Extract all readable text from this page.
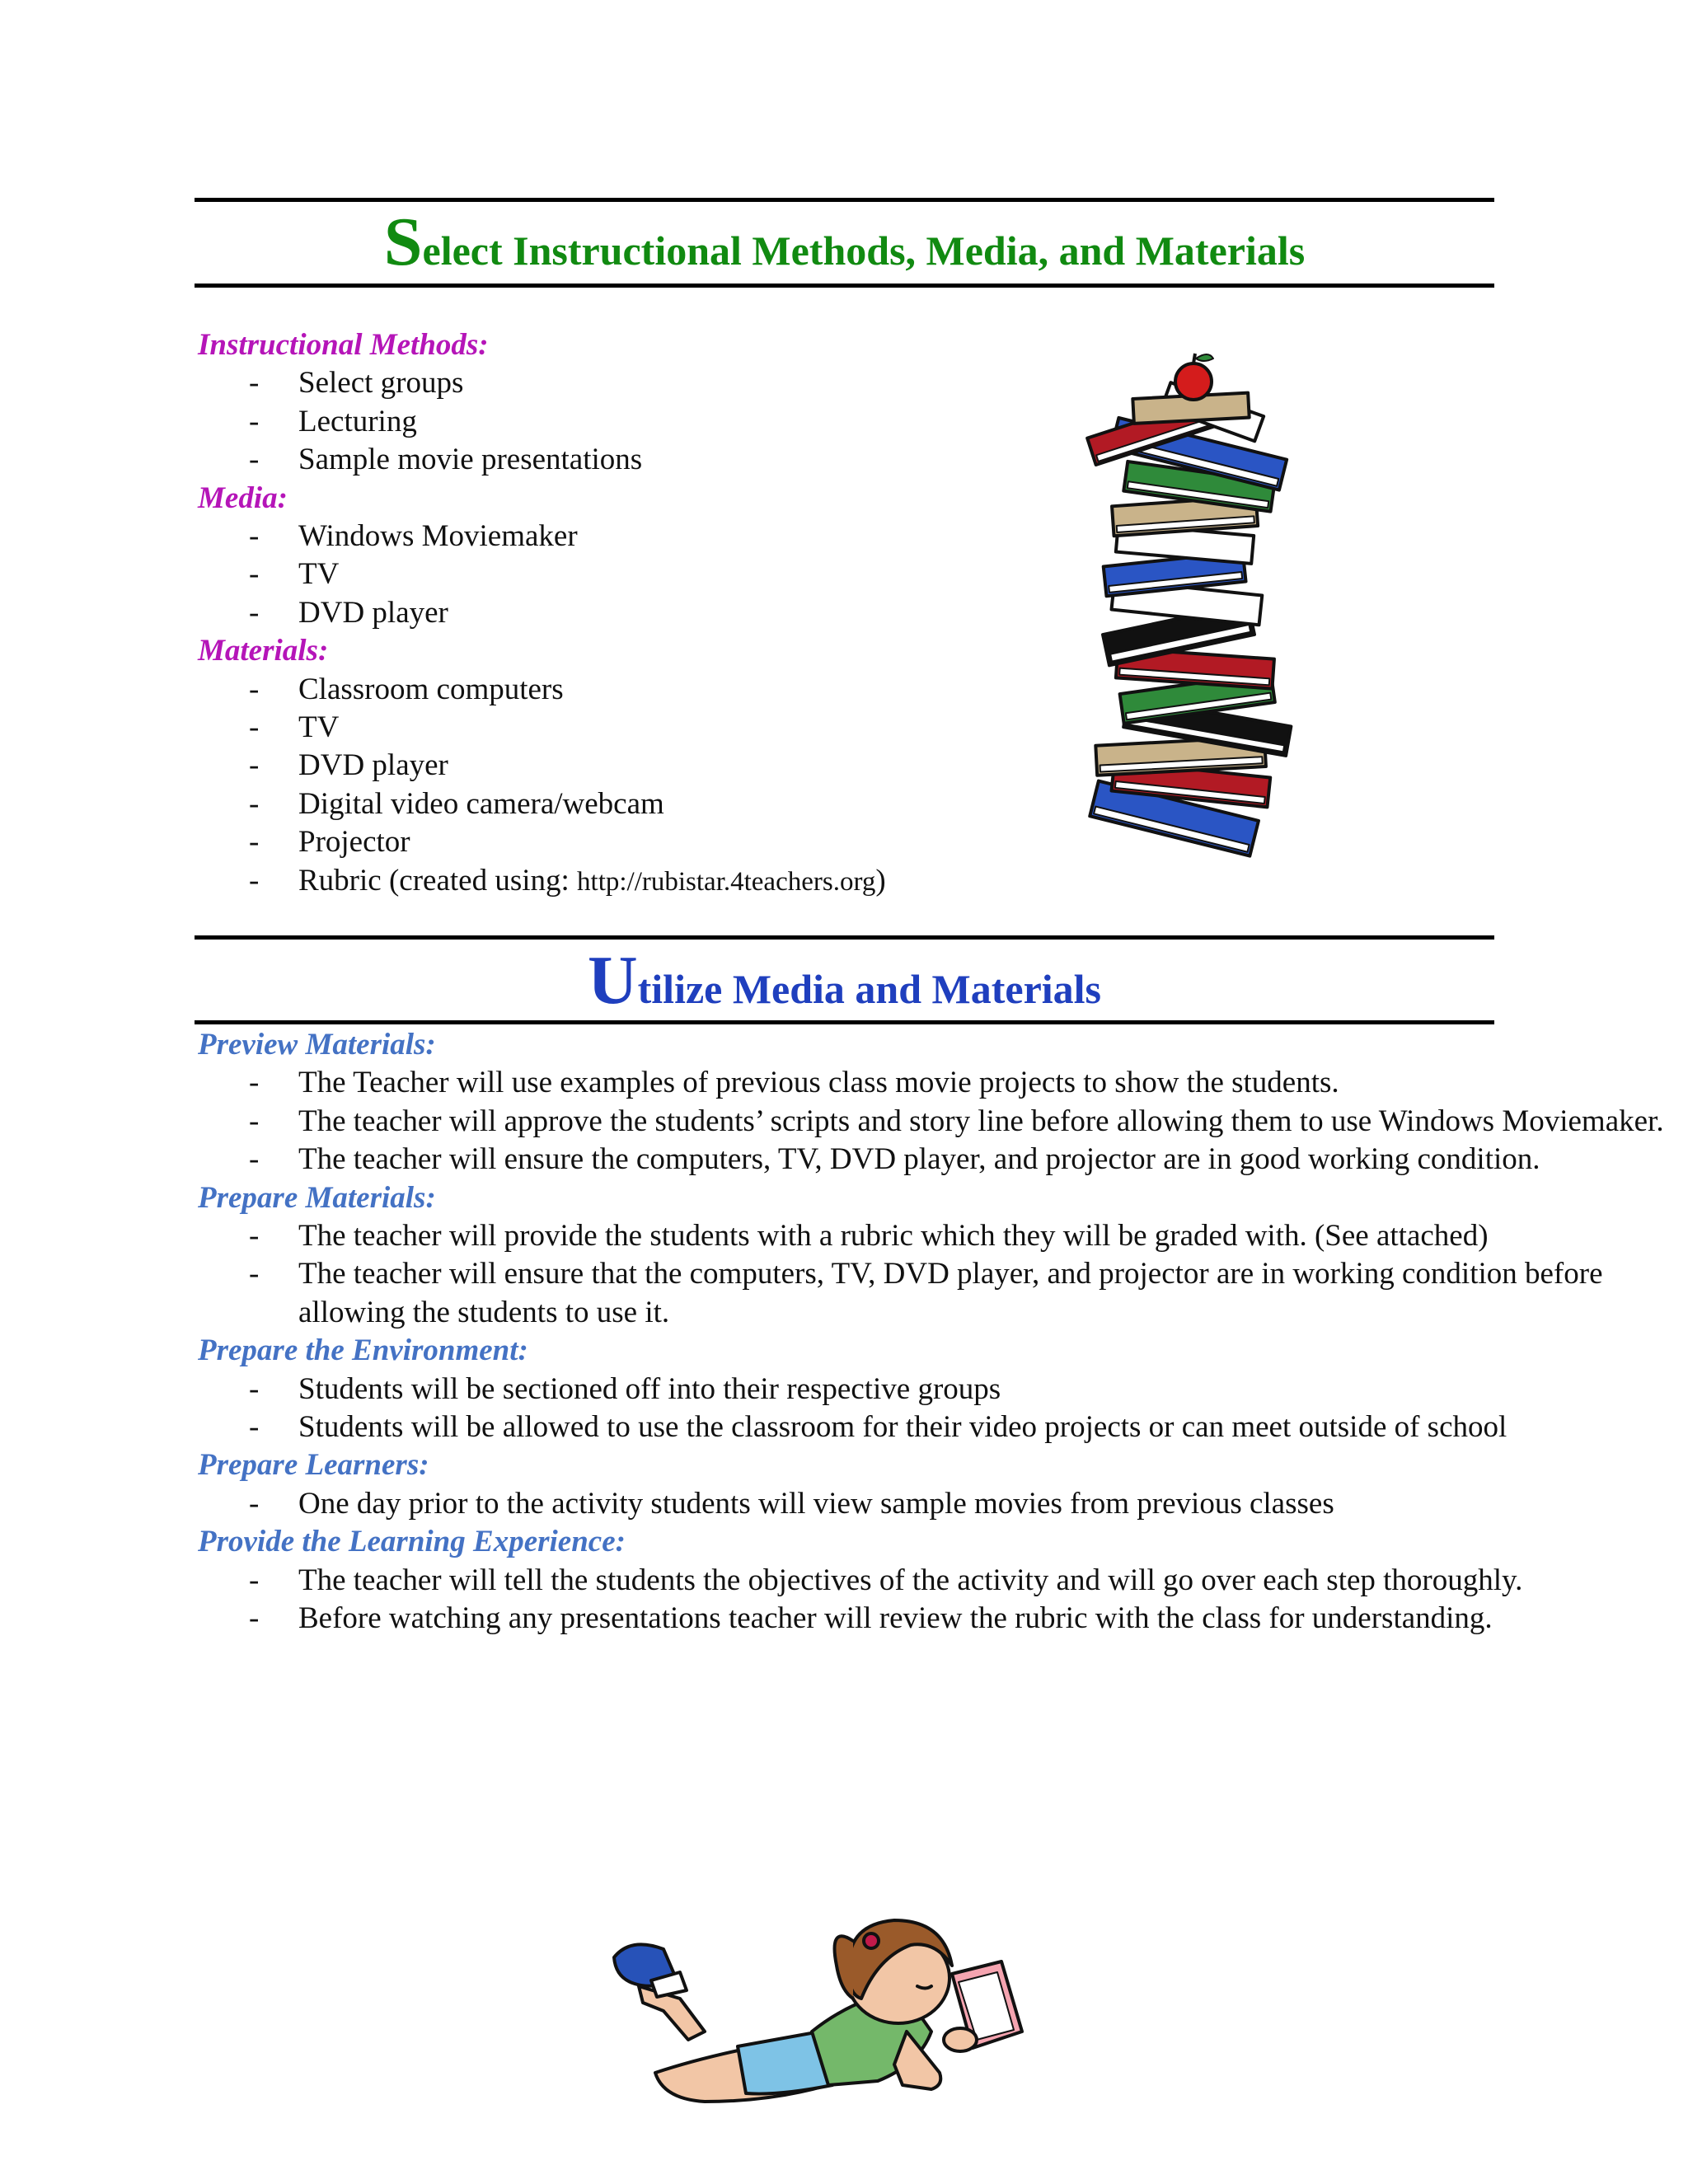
Select Instructional Methods, Media, and Materials
Instructional Methods:
- Select groups
- Lecturing
- Sample movie presentations
Media:
- Windows Moviemaker
- TV
- DVD player
Materials:
- Classroom computers
- TV
- DVD player
- Digital video camera/webcam
- Projector
- Rubric (created using: http://rubistar.4teachers.org)
Utilize Media and Materials
Preview Materials:
- The Teacher will use examples of previous class movie projects to show the students.
- The teacher will approve the students’ scripts and story line before allowing them to use Windows Moviemaker.
- The teacher will ensure the computers, TV, DVD player, and projector are in good working condition.
Prepare Materials:
- The teacher will provide the students with a rubric which they will be graded with. (See attached)
- The teacher will ensure that the computers, TV, DVD player, and projector are in working condition before allowing the students to use it.
Prepare the Environment:
- Students will be sectioned off into their respective groups
- Students will be allowed to use the classroom for their video projects or can meet outside of school
Prepare Learners:
- One day prior to the activity students will view sample movies from previous classes
Provide the Learning Experience:
- The teacher will tell the students the objectives of the activity and will go over each step thoroughly.
- Before watching any presentations teacher will review the rubric with the class for understanding.
